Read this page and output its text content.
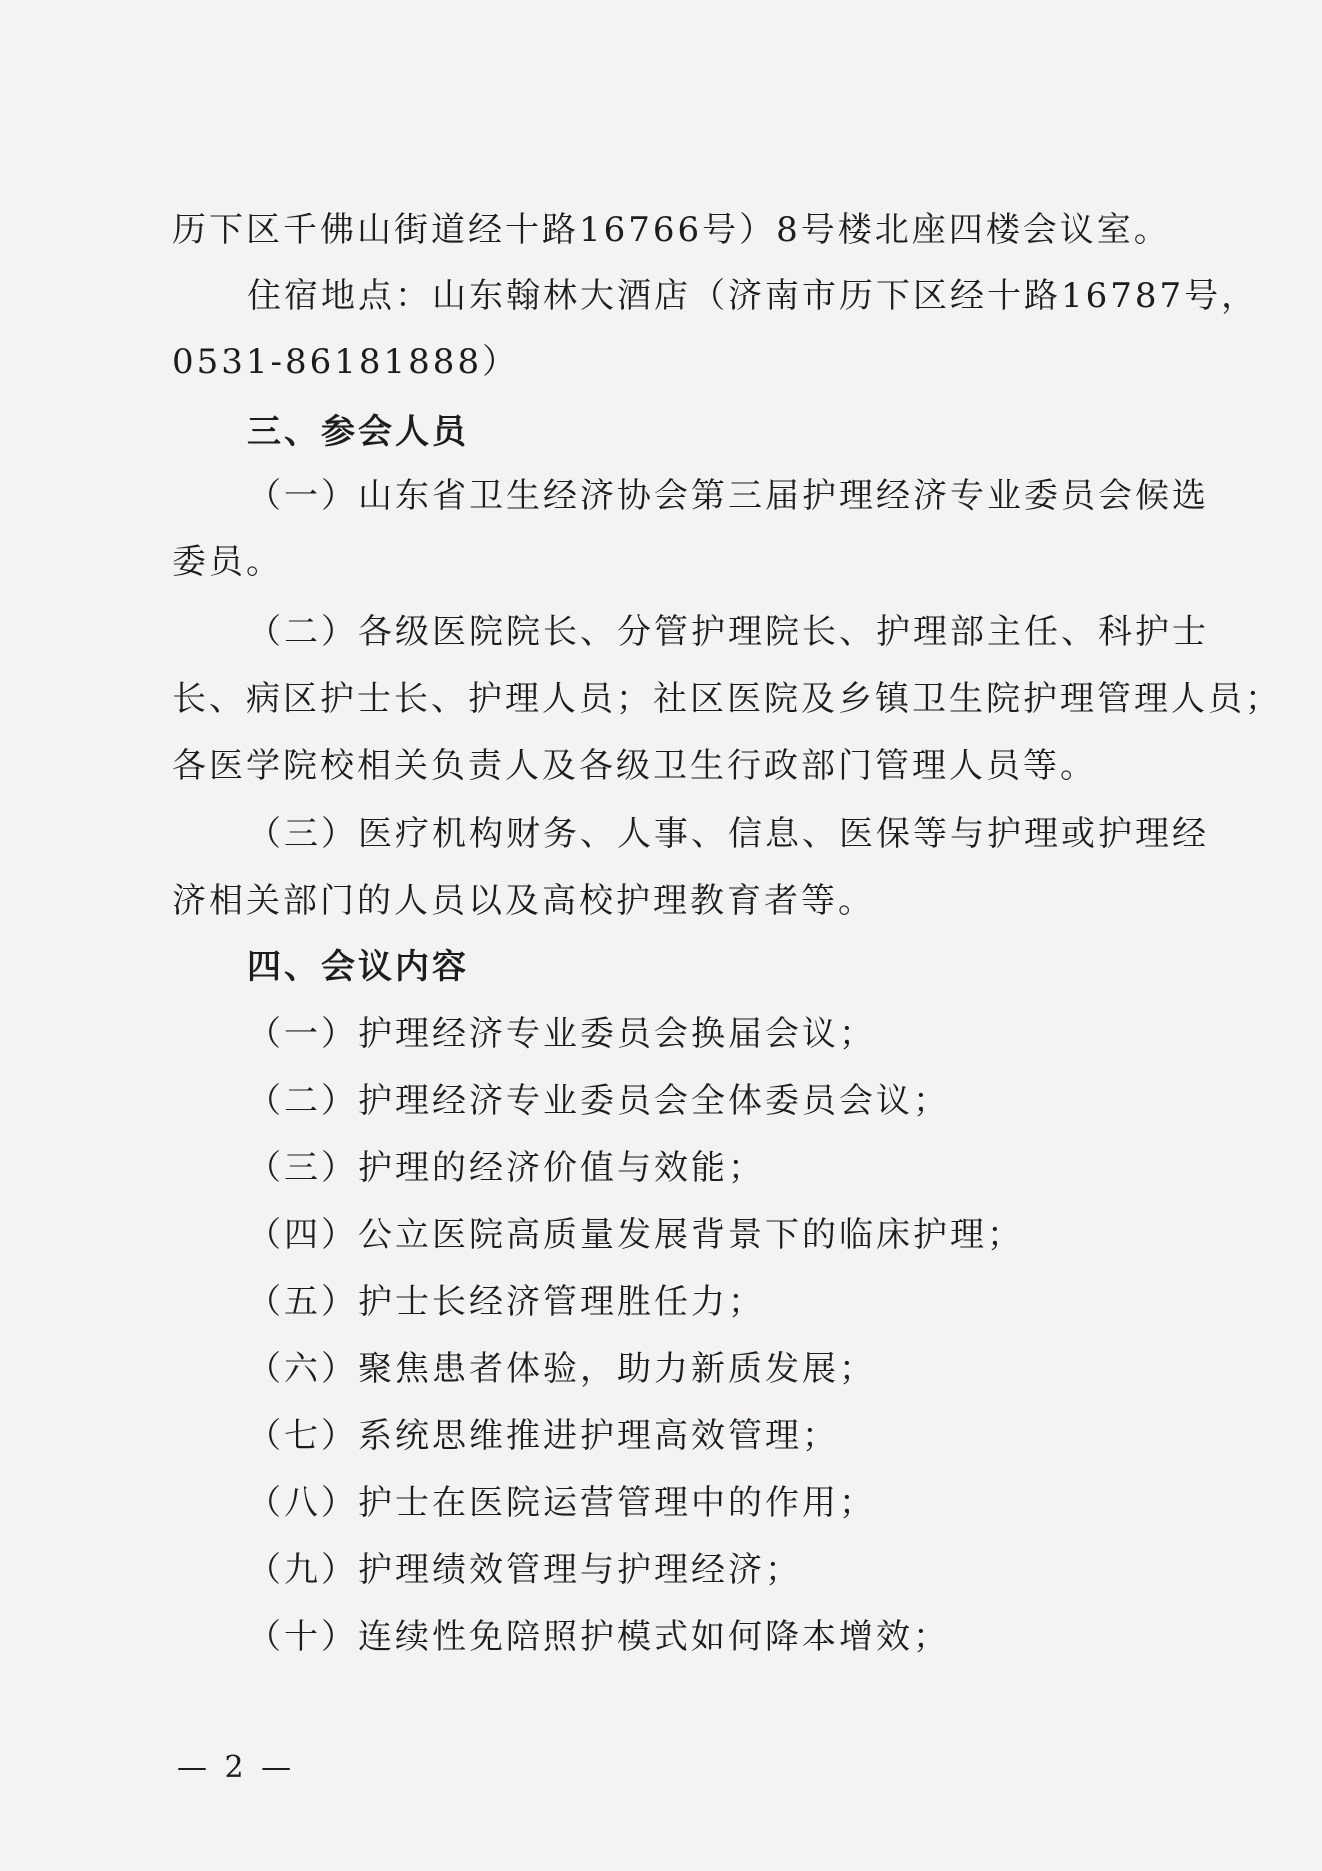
历下区千佛山街道经十路16766号）8号楼北座四楼会议室。
住宿地点：山东翰林大酒店（济南市历下区经十路16787号，
0531-86181888）
三、参会人员
（一）山东省卫生经济协会第三届护理经济专业委员会候选
委员。
（二）各级医院院长、分管护理院长、护理部主任、科护士
长、病区护士长、护理人员；社区医院及乡镇卫生院护理管理人员；
各医学院校相关负责人及各级卫生行政部门管理人员等。
（三）医疗机构财务、人事、信息、医保等与护理或护理经
济相关部门的人员以及高校护理教育者等。
四、会议内容
（一）护理经济专业委员会换届会议；
（二）护理经济专业委员会全体委员会议；
（三）护理的经济价值与效能；
（四）公立医院高质量发展背景下的临床护理；
（五）护士长经济管理胜任力；
（六）聚焦患者体验，助力新质发展；
（七）系统思维推进护理高效管理；
（八）护士在医院运营管理中的作用；
（九）护理绩效管理与护理经济；
（十）连续性免陪照护模式如何降本增效；
— 2 —
